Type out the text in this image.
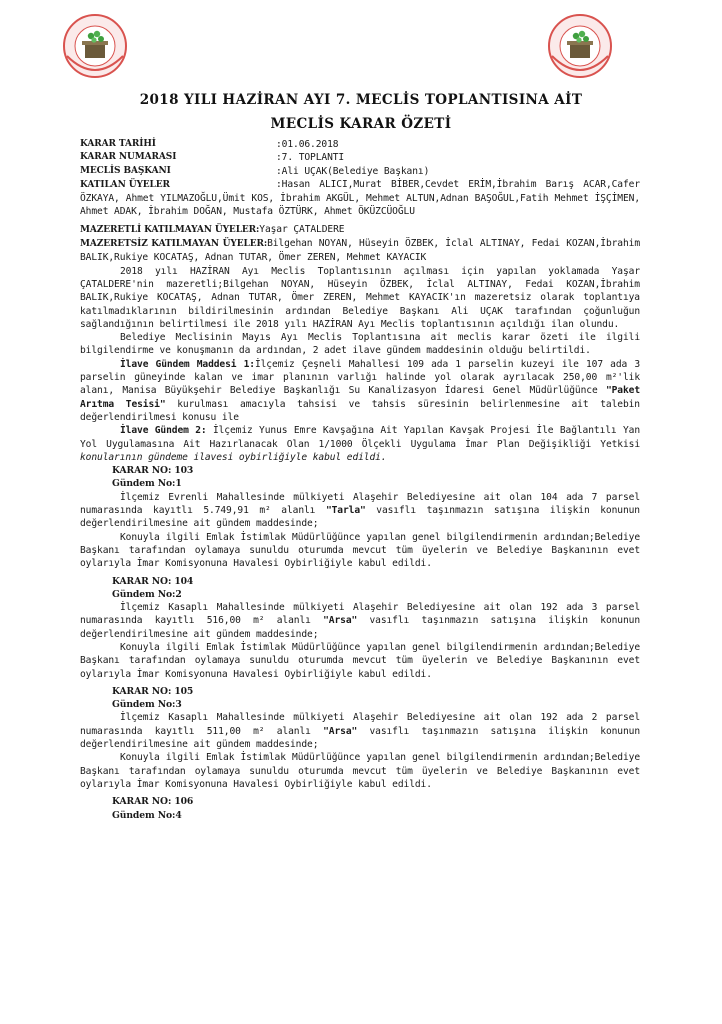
2018 YILI HAZİRAN AYI 7. MECLİS TOPLANTISINA AİT
MECLİS KARAR ÖZETİ
KARAR TARİHİ	:01.06.2018
KARAR NUMARASI	:7. TOPLANTI
MECLİS BAŞKANI	:Ali UÇAK(Belediye Başkanı)

KATILAN ÜYELER	:Hasan ALICI,Murat BİBER,Cevdet ERİM,İbrahim Barış ACAR,Cafer ÖZKAYA, Ahmet YILMAZOĞLU,Ümit KOS, İbrahim AKGÜL, Mehmet ALTUN,Adnan BAŞOĞUL,Fatih Mehmet İŞÇİMEN, Ahmet ADAK, İbrahim DOĞAN, Mustafa ÖZTÜRK, Ahmet ÖKÜZCÜOĞLU

MAZERETLİ KATILMAYAN ÜYELER:Yaşar ÇATALDERE

MAZERETSİZ KATILMAYAN ÜYELER:Bilgehan NOYAN, Hüseyin ÖZBEK, İclal ALTINAY, Fedai KOZAN,İbrahim BALIK,Rukiye KOCATAŞ, Adnan TUTAR, Ömer ZEREN, Mehmet KAYACIK

2018 yılı HAZİRAN Ayı Meclis Toplantısının açılması için yapılan yoklamada Yaşar ÇATALDERE'nin mazeretli;Bilgehan NOYAN, Hüseyin ÖZBEK, İclal ALTINAY, Fedai KOZAN,İbrahim BALIK,Rukiye KOCATAŞ, Adnan TUTAR, Ömer ZEREN, Mehmet KAYACIK'ın mazeretsiz olarak toplantıya katılmadıklarının bildirilmesinin ardından Belediye Başkanı Ali UÇAK tarafından çoğunluğun sağlandığının belirtilmesi ile 2018 yılı HAZİRAN Ayı Meclis toplantısının açıldığı ilan olundu.

Belediye Meclisinin Mayıs Ayı Meclis Toplantısına ait meclis karar özeti ile ilgili bilgilendirme ve konuşmanın da ardından, 2 adet ilave gündem maddesinin olduğu belirtildi.

İlave Gündem Maddesi 1:İlçemiz Çeşneli Mahallesi 109 ada 1 parselin kuzeyi ile 107 ada 3 parselin güneyinde kalan ve imar planının varlığı halinde yol olarak ayrılacak 250,00 m²'lik alanı, Manisa Büyükşehir Belediye Başkanlığı Su Kanalizasyon İdaresi Genel Müdürlüğünce "Paket Arıtma Tesisi" kurulması amacıyla tahsisi ve tahsis süresinin belirlenmesine ait talebin değerlendirilmesi konusu ile

İlave Gündem 2: İlçemiz Yunus Emre Kavşağına Ait Yapılan Kavşak Projesi İle Bağlantılı Yan Yol Uygulamasına Ait Hazırlanacak Olan 1/1000 Ölçekli Uygulama İmar Plan Değişikliği Yetkisi konularının gündeme ilavesi oybirliğiyle kabul edildi.

KARAR NO: 103
Gündem No:1

İlçemiz Evrenli Mahallesinde mülkiyeti Alaşehir Belediyesine ait olan 104 ada 7 parsel numarasında kayıtlı 5.749,91 m² alanlı "Tarla" vasıflı taşınmazın satışına ilişkin konunun değerlendirilmesine ait gündem maddesinde;

Konuyla ilgili Emlak İstimlak Müdürlüğünce yapılan genel bilgilendirmenin ardından;Belediye Başkanı tarafından oylamaya sunuldu oturumda mevcut tüm üyelerin ve Belediye Başkanının evet oylarıyla İmar Komisyonuna Havalesi Oybirliğiyle kabul edildi.

KARAR NO: 104
Gündem No:2

İlçemiz Kasaplı Mahallesinde mülkiyeti Alaşehir Belediyesine ait olan 192 ada 3 parsel numarasında kayıtlı 516,00 m² alanlı "Arsa" vasıflı taşınmazın satışına ilişkin konunun değerlendirilmesine ait gündem maddesinde;

Konuyla ilgili Emlak İstimlak Müdürlüğünce yapılan genel bilgilendirmenin ardından;Belediye Başkanı tarafından oylamaya sunuldu oturumda mevcut tüm üyelerin ve Belediye Başkanının evet oylarıyla İmar Komisyonuna Havalesi Oybirliğiyle kabul edildi.

KARAR NO: 105
Gündem No:3

İlçemiz Kasaplı Mahallesinde mülkiyeti Alaşehir Belediyesine ait olan 192 ada 2 parsel numarasında kayıtlı 511,00 m² alanlı "Arsa" vasıflı taşınmazın satışına ilişkin konunun değerlendirilmesine ait gündem maddesinde;

Konuyla ilgili Emlak İstimlak Müdürlüğünce yapılan genel bilgilendirmenin ardından;Belediye Başkanı tarafından oylamaya sunuldu oturumda mevcut tüm üyelerin ve Belediye Başkanının evet oylarıyla İmar Komisyonuna Havalesi Oybirliğiyle kabul edildi.

KARAR NO: 106
Gündem No:4
